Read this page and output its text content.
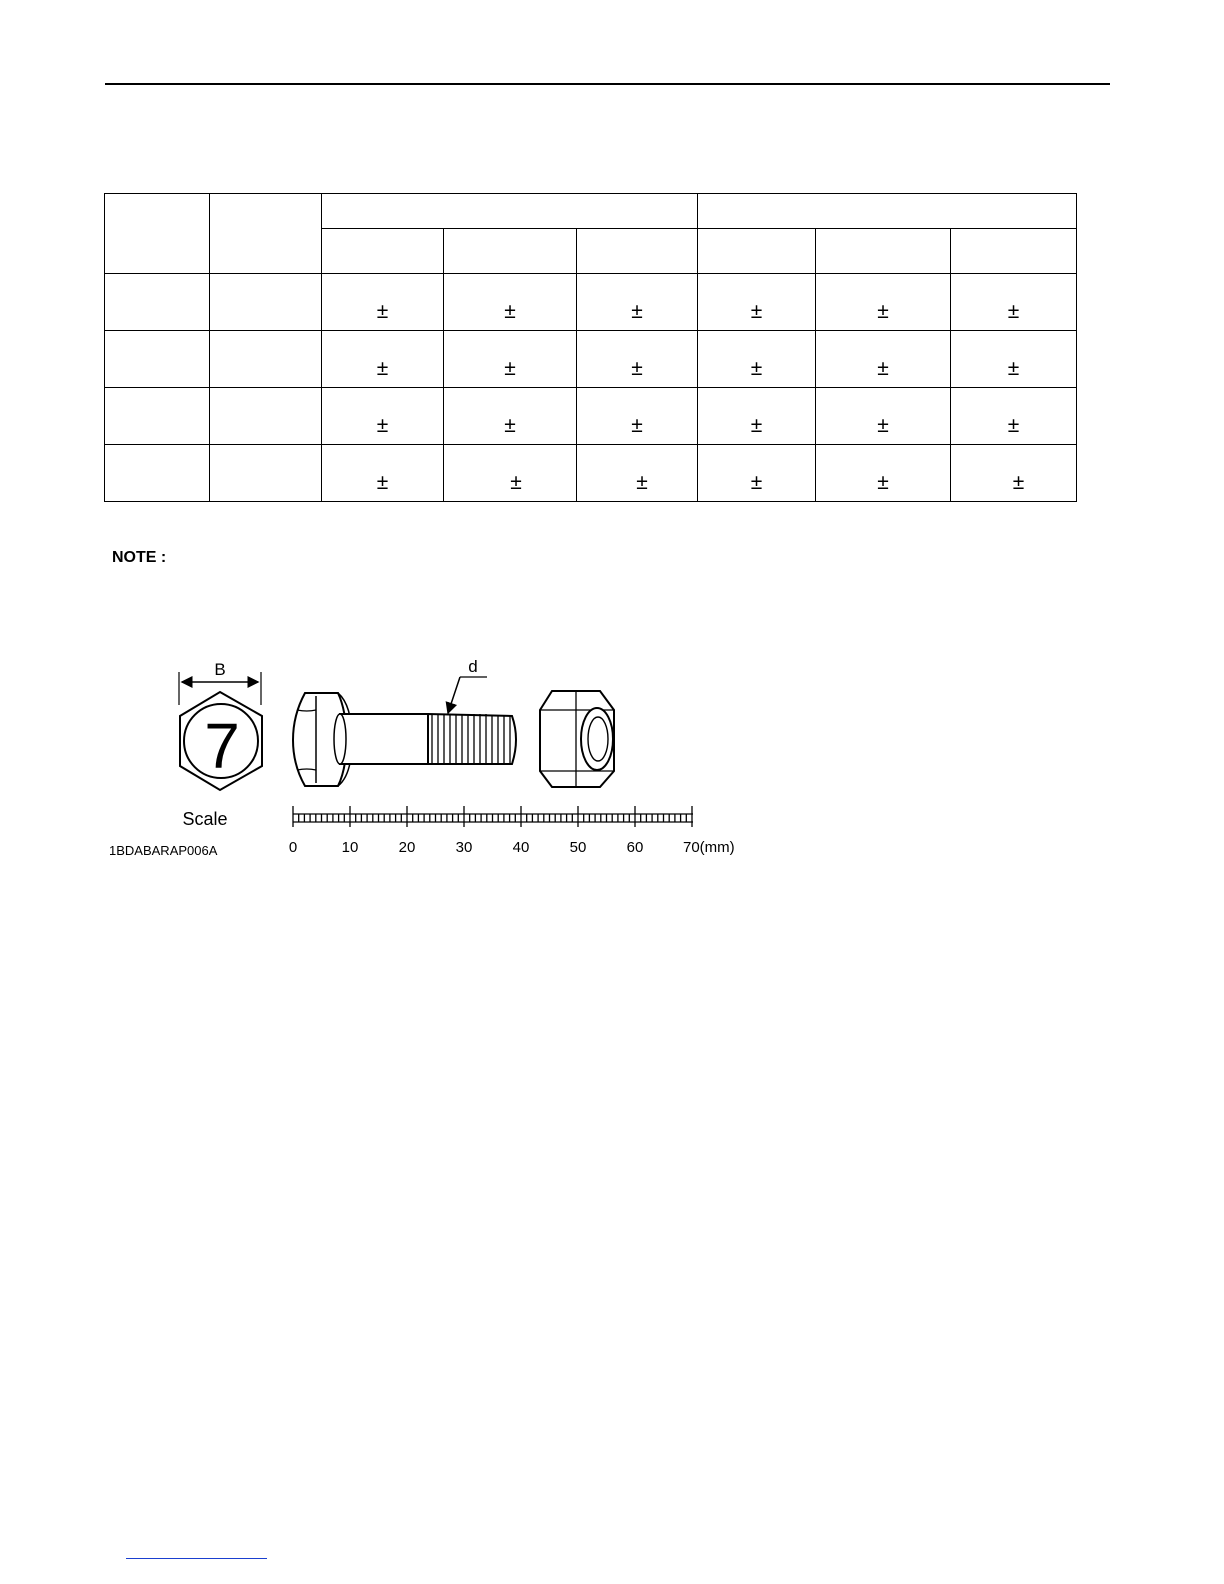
		±	±	±	±	±	±
		±	±	±	±	±	±
		±	±	±	±	±	±
		±	±	±	±	±	±
NOTE :
B
7
Scale
d
0	10	20	30	40	50	60	70(mm)
1BDABARAP006A
